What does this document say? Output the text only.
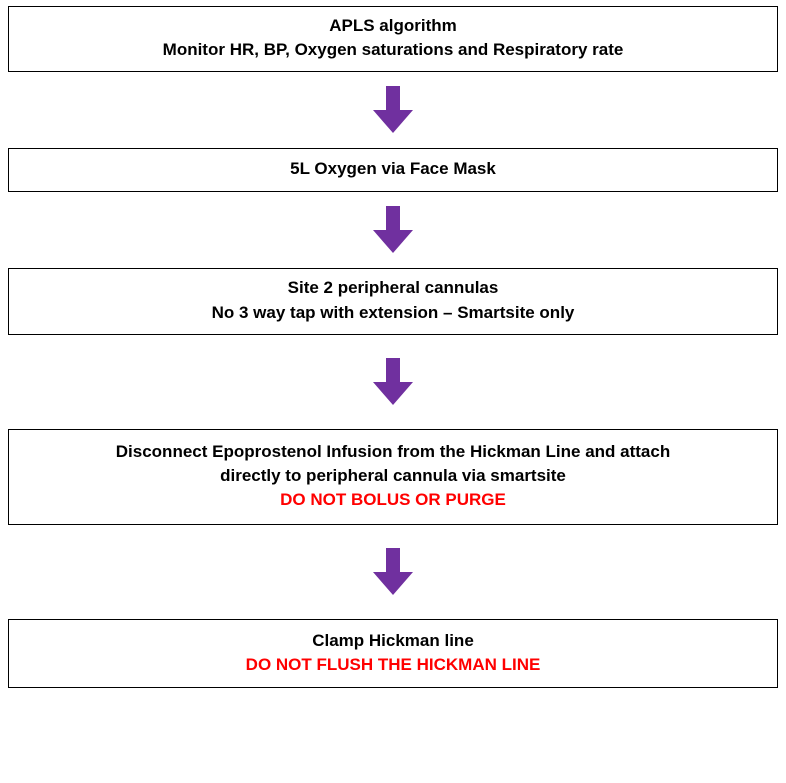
APLS algorithm
Monitor HR, BP, Oxygen saturations and Respiratory rate
5L Oxygen via Face Mask
Site 2 peripheral cannulas
No 3 way tap with extension – Smartsite only
Disconnect Epoprostenol Infusion from the Hickman Line and attach
directly to peripheral cannula via smartsite
DO NOT BOLUS OR PURGE
Clamp Hickman line
DO NOT FLUSH THE HICKMAN LINE
